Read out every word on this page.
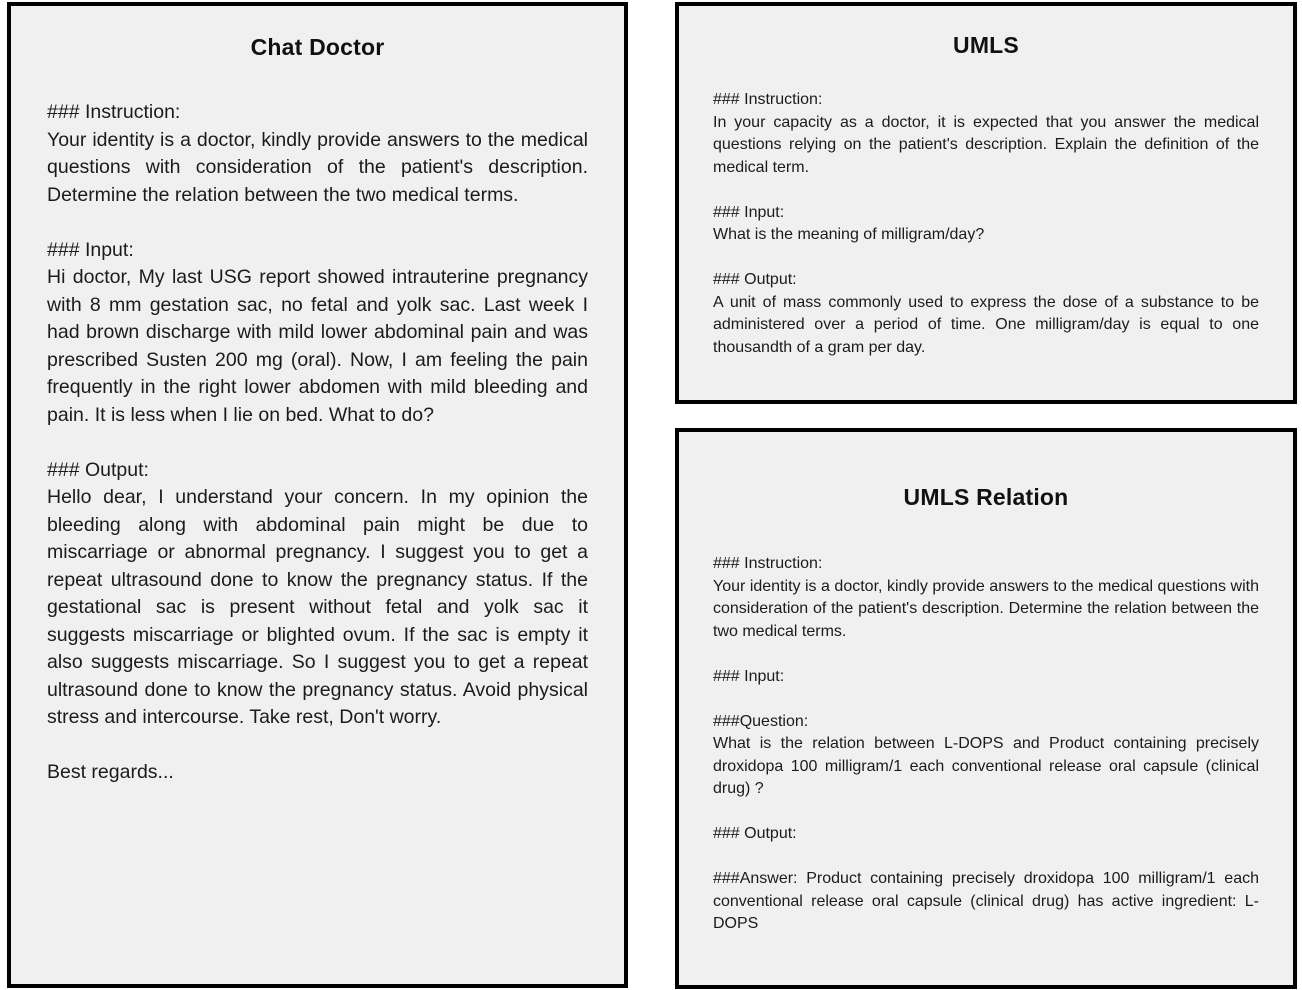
Chat Doctor
### Instruction:

Your identity is a doctor, kindly provide answers to the medical questions with consideration of the patient's description. Determine the relation between the two medical terms.

### Input:

Hi doctor, My last USG report showed intrauterine pregnancy with 8 mm gestation sac, no fetal and yolk sac. Last week I had brown discharge with mild lower abdominal pain and was prescribed Susten 200 mg (oral). Now, I am feeling the pain frequently in the right lower abdomen with mild bleeding and pain. It is less when I lie on bed. What to do?

### Output:

Hello dear, I understand your concern. In my opinion the bleeding along with abdominal pain might be due to miscarriage or abnormal pregnancy. I suggest you to get a repeat ultrasound done to know the pregnancy status. If the gestational sac is present without fetal and yolk sac it suggests miscarriage or blighted ovum. If the sac is empty it also suggests miscarriage. So I suggest you to get a repeat ultrasound done to know the pregnancy status. Avoid physical stress and intercourse. Take rest, Don't worry.

Best regards...

UMLS
### Instruction:

In your capacity as a doctor, it is expected that you answer the medical questions relying on the patient's description. Explain the definition of the medical term.

### Input:

What is the meaning of milligram/day?

### Output:

A unit of mass commonly used to express the dose of a substance to be administered over a period of time. One milligram/day is equal to one thousandth of a gram per day.

UMLS Relation
### Instruction:

Your identity is a doctor, kindly provide answers to the medical questions with consideration of the patient's description. Determine the relation between the two medical terms.

### Input:
###Question:

What is the relation between L-DOPS and Product containing precisely droxidopa 100 milligram/1 each conventional release oral capsule (clinical drug) ?

### Output:

###Answer: Product containing precisely droxidopa 100 milligram/1 each conventional release oral capsule (clinical drug) has active ingredient: L-DOPS
